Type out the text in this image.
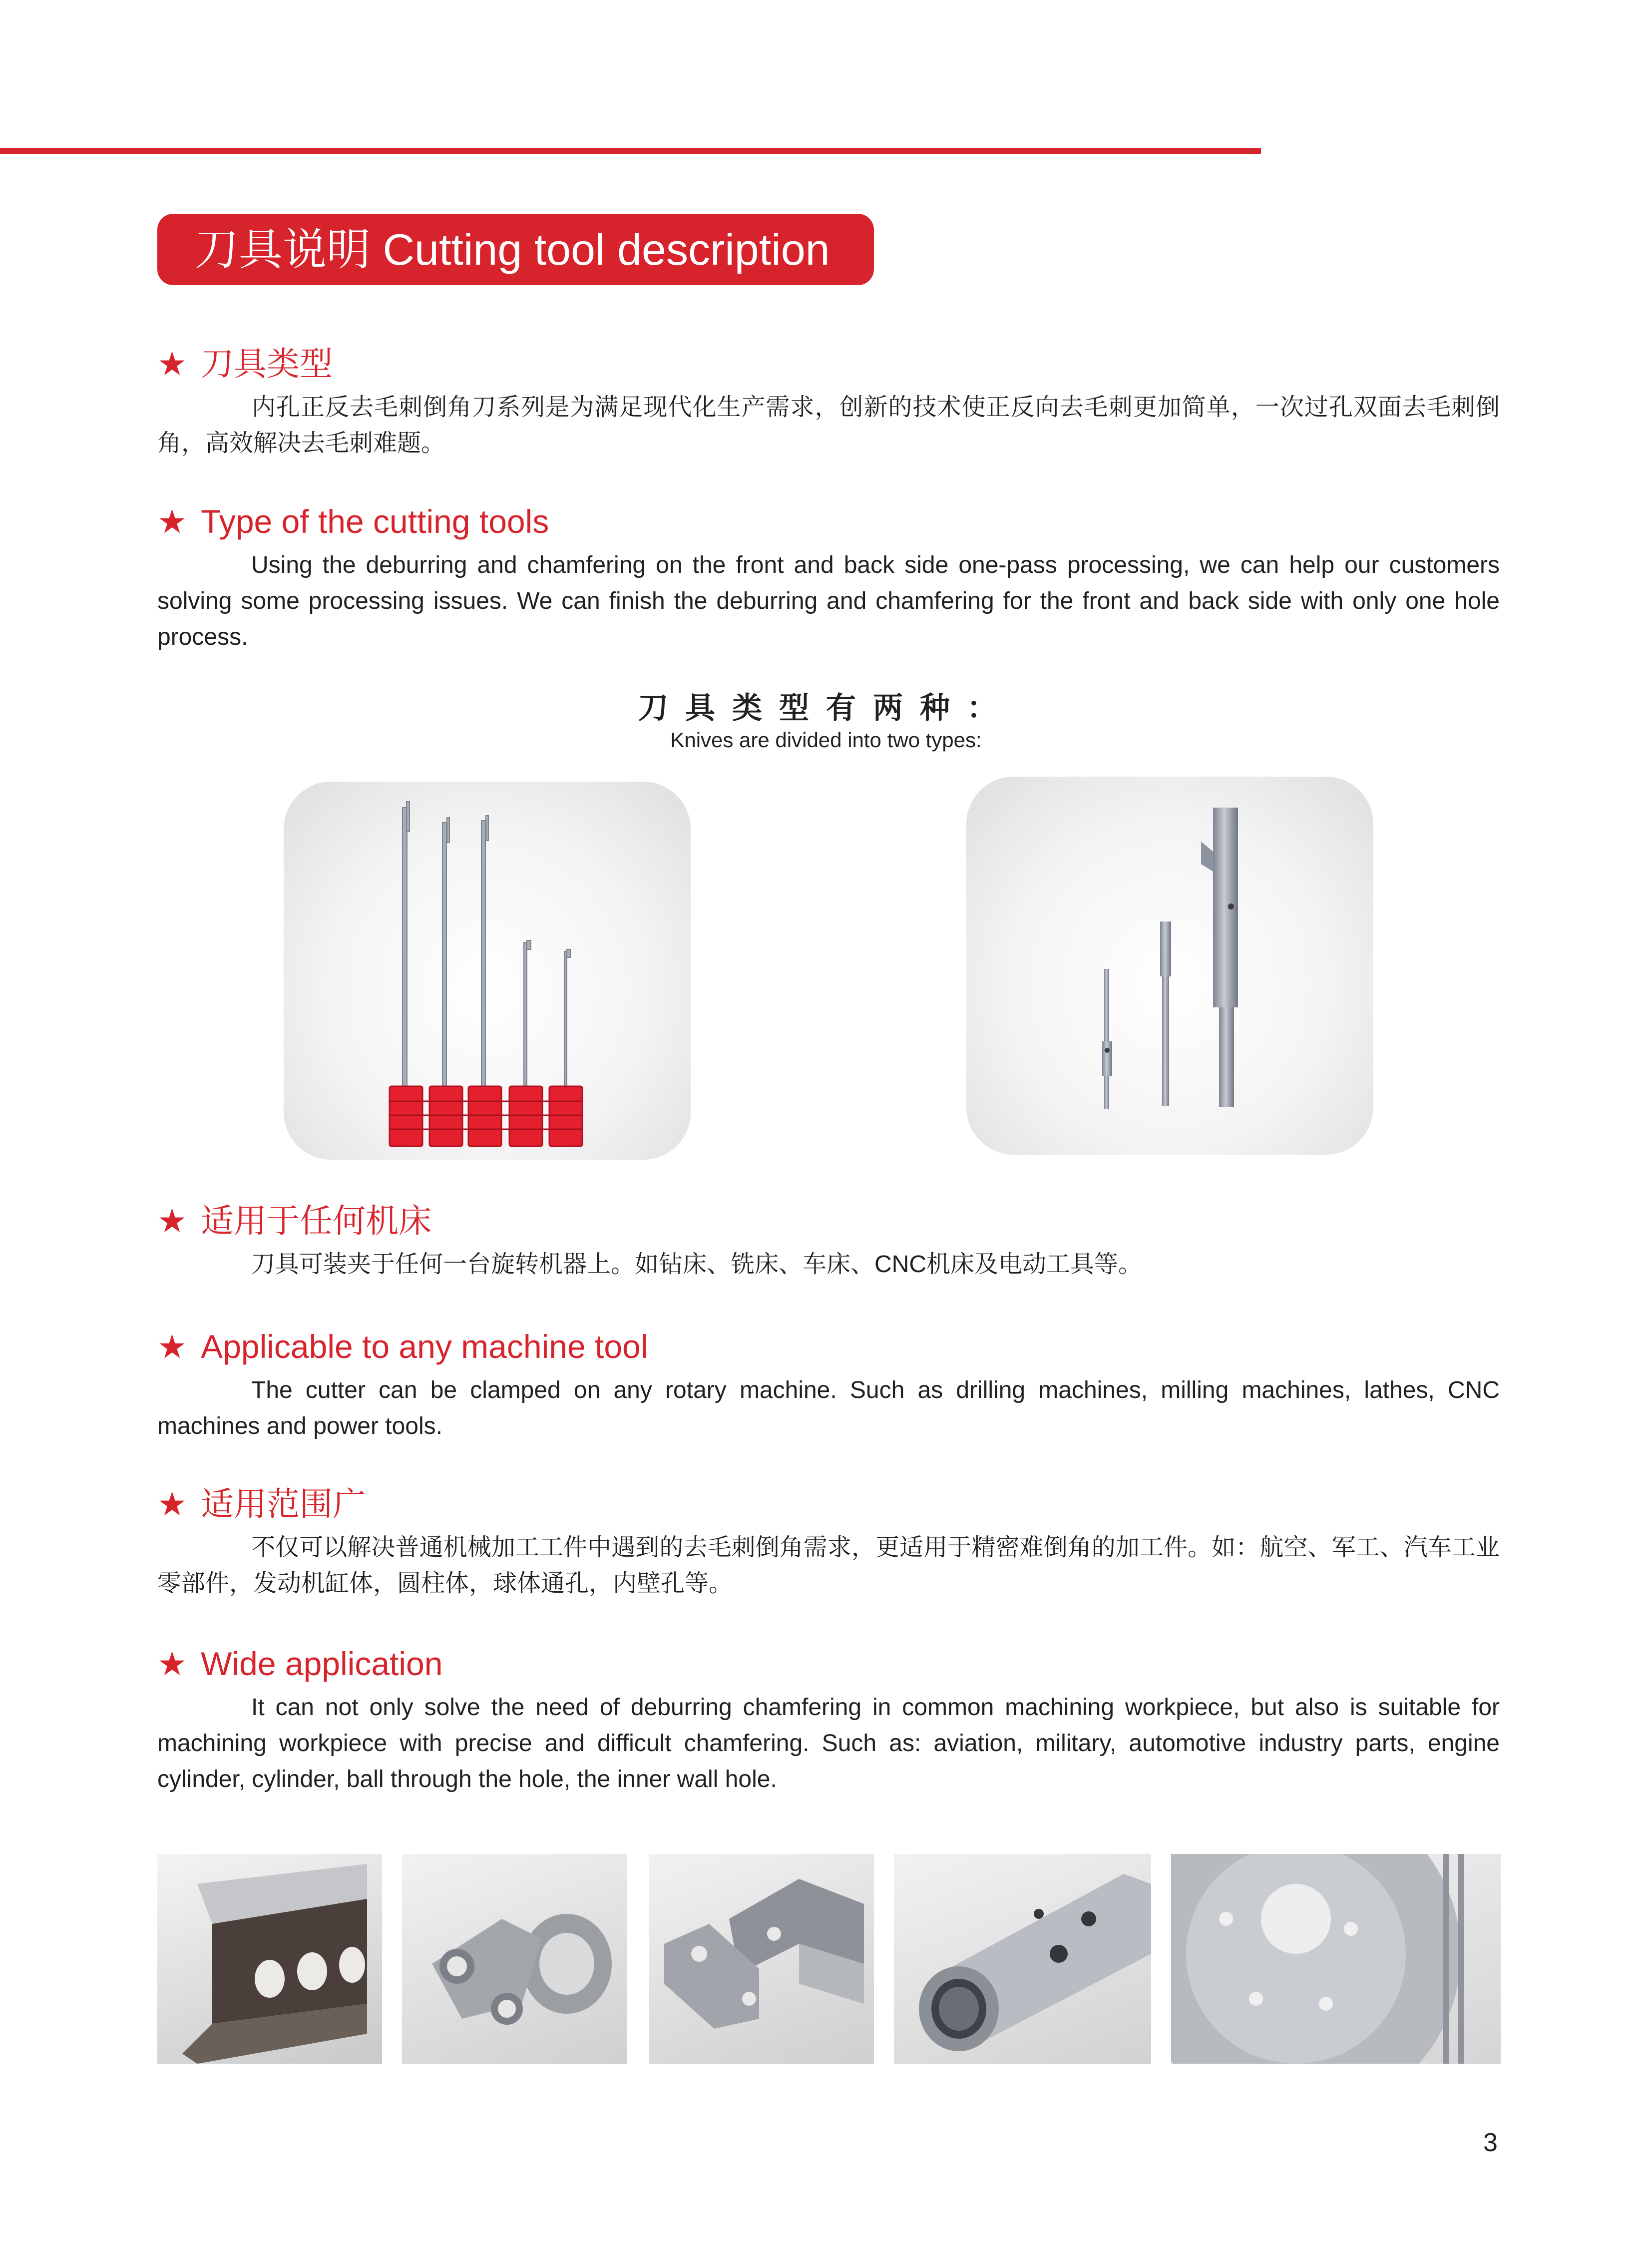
刀具说明 Cutting tool description
★ 刀具类型
内孔正反去毛刺倒角刀系列是为满足现代化生产需求，创新的技术使正反向去毛刺更加简单，一次过孔双面去毛刺倒角，高效解决去毛刺难题。
★ Type of the cutting tools
Using the deburring and chamfering on the front and back side one-pass processing, we can help our customers solving some processing issues. We can finish the deburring and chamfering for the front and back side with only one hole process.
刀具类型有两种：
Knives are divided into two types:
★ 适用于任何机床
刀具可装夹于任何一台旋转机器上。如钻床、铣床、车床、CNC机床及电动工具等。
★ Applicable to any machine tool
The cutter can be clamped on any rotary machine. Such as drilling machines, milling machines, lathes, CNC machines and power tools.
★ 适用范围广
不仅可以解决普通机械加工工件中遇到的去毛刺倒角需求，更适用于精密难倒角的加工件。如：航空、军工、汽车工业零部件，发动机缸体，圆柱体，球体通孔，内壁孔等。
★ Wide application
It can not only solve the need of deburring chamfering in common machining workpiece, but also is suitable for machining workpiece with precise and difficult chamfering. Such as: aviation, military, automotive industry parts, engine cylinder, cylinder, ball through the hole, the inner wall hole.
3
